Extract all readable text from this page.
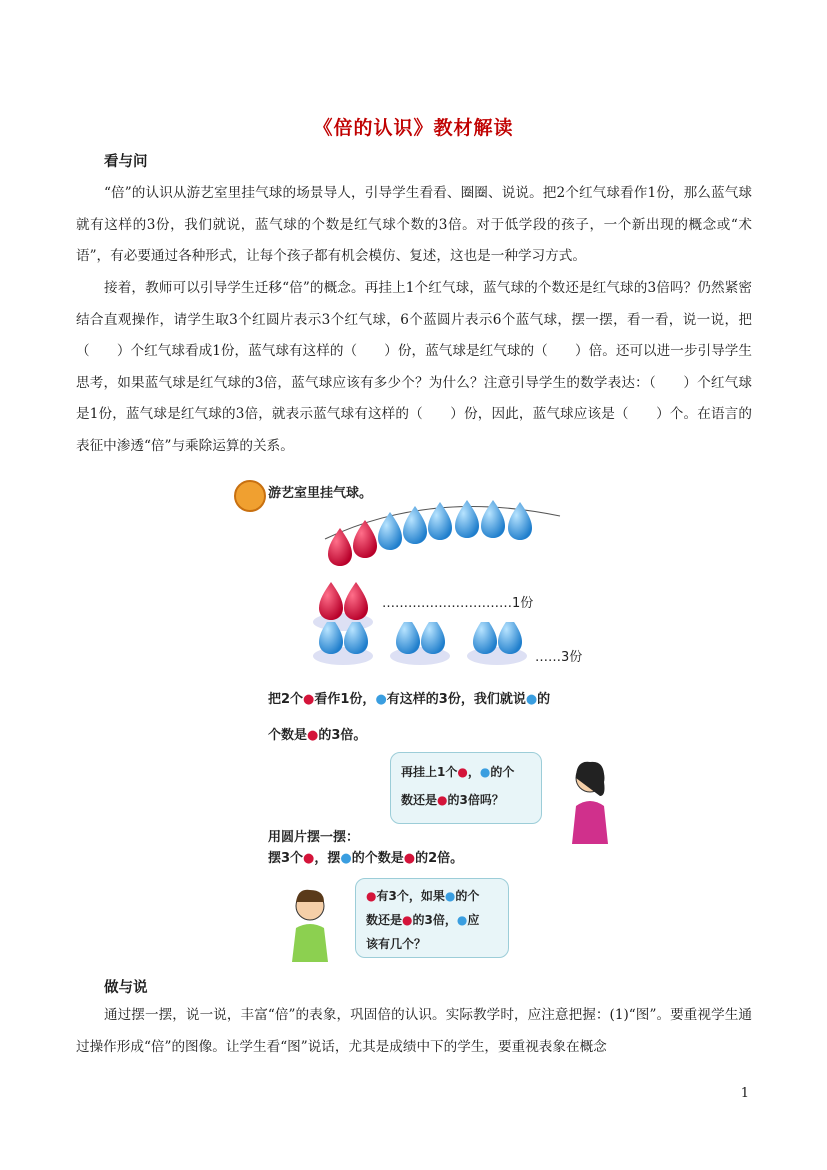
《倍的认识》教材解读
看与问

“倍”的认识从游艺室里挂气球的场景导人，引导学生看看、圈圈、说说。把2个红气球看作1份，那么蓝气球就有这样的3份，我们就说，蓝气球的个数是红气球个数的3倍。对于低学段的孩子，一个新出现的概念或“术语”，有必要通过各种形式，让每个孩子都有机会模仿、复述，这也是一种学习方式。

接着，教师可以引导学生迁移“倍”的概念。再挂上1个红气球，蓝气球的个数还是红气球的3倍吗？仍然紧密结合直观操作，请学生取3个红圆片表示3个红气球，6个蓝圆片表示6个蓝气球，摆一摆，看一看，说一说，把（　　）个红气球看成1份，蓝气球有这样的（　　）份，蓝气球是红气球的（　　）倍。还可以进一步引导学生思考，如果蓝气球是红气球的3倍，蓝气球应该有多少个？为什么？注意引导学生的数学表达：（　　）个红气球是1份，蓝气球是红气球的3倍，就表示蓝气球有这样的（　　）份，因此，蓝气球应该是（　　）个。在语言的表征中渗透“倍”与乘除运算的关系。

游艺室里挂气球。
…………………………1份
……3份
把2个●看作1份，●有这样的3份，我们就说●的
个数是●的3倍。
再挂上1个●，●的个
数还是●的3倍吗？
用圆片摆一摆：
摆3个●，摆●的个数是●的2倍。
●有3个，如果●的个
数还是●的3倍，●应
该有几个？
做与说

通过摆一摆，说一说，丰富“倍”的表象，巩固倍的认识。实际教学时，应注意把握：(1)“图”。要重视学生通过操作形成“倍”的图像。让学生看“图”说话，尤其是成绩中下的学生，要重视表象在概念

1
